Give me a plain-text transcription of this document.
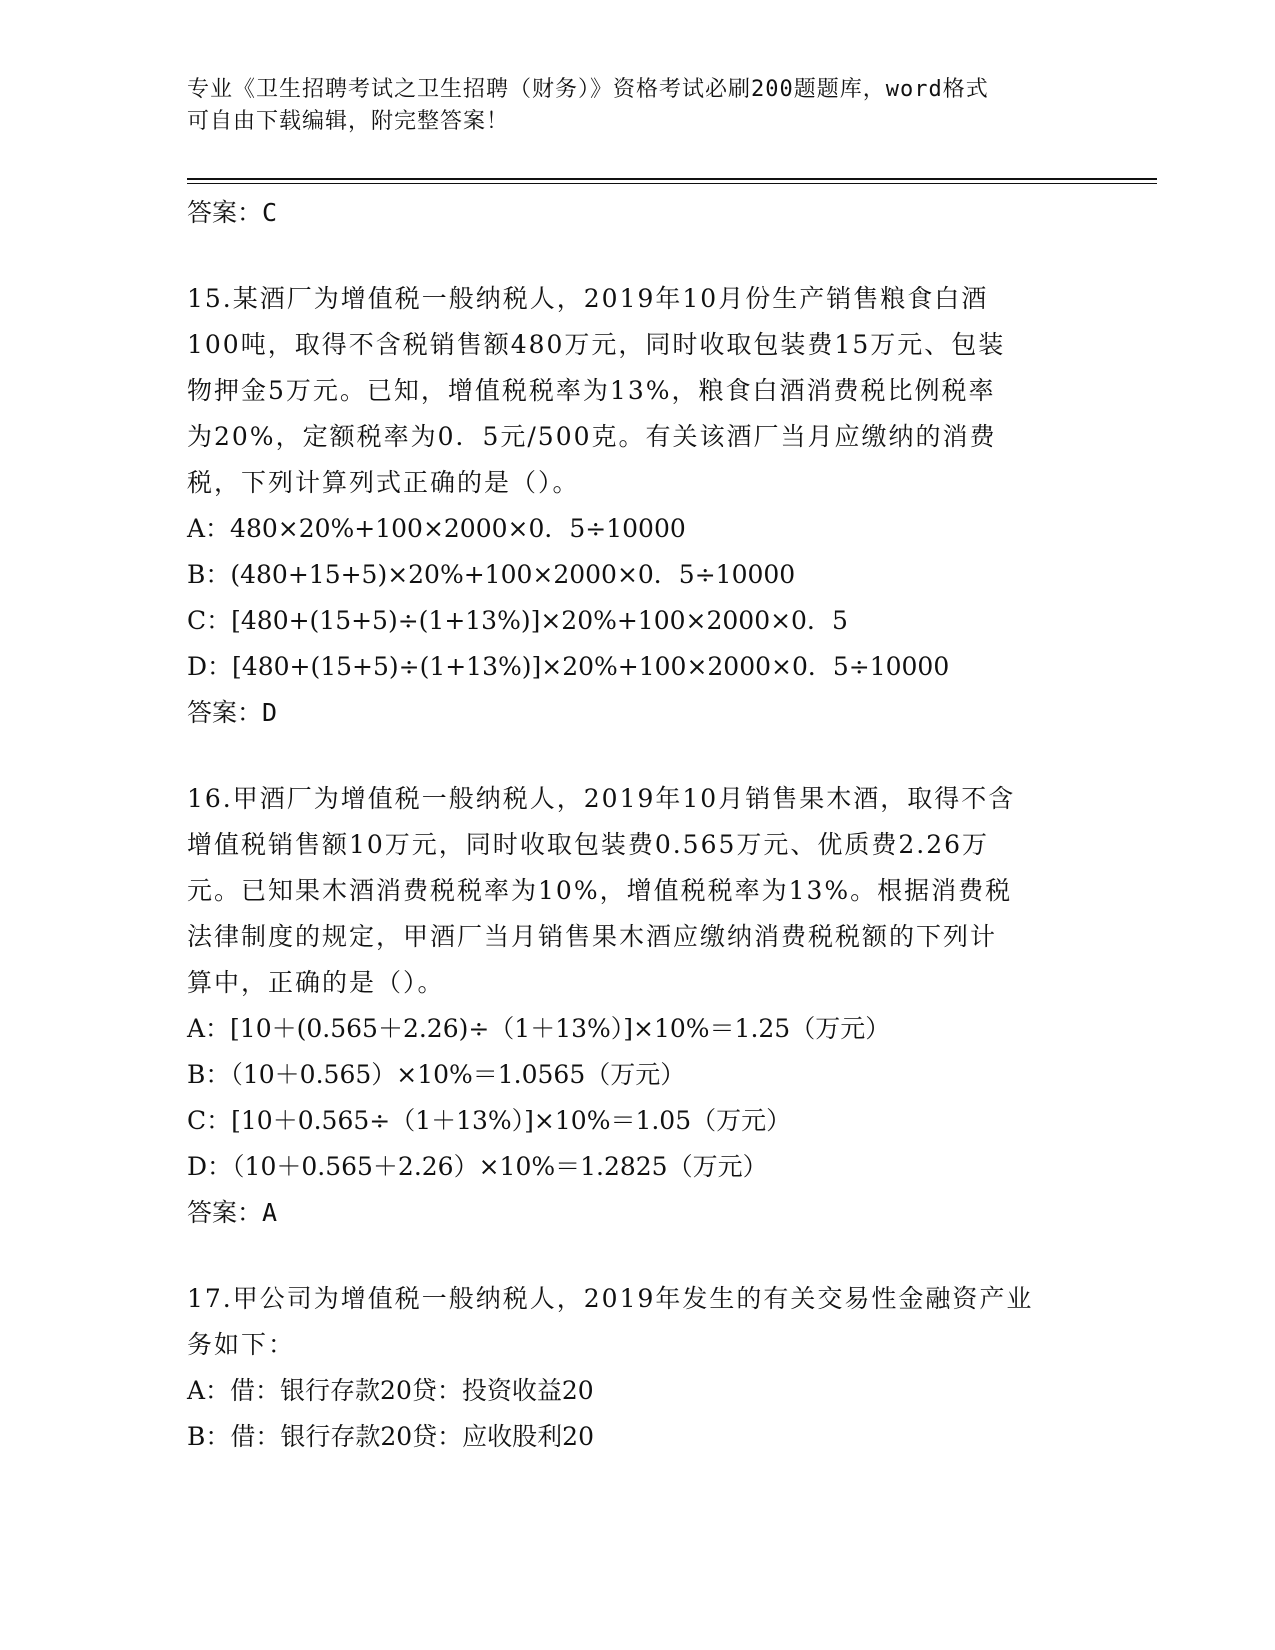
专业《卫生招聘考试之卫生招聘（财务）》资格考试必刷200题题库，word格式
可自由下载编辑，附完整答案！
答案：C
15.某酒厂为增值税一般纳税人，2019年10月份生产销售粮食白酒
100吨，取得不含税销售额480万元，同时收取包装费15万元、包装
物押金5万元。已知，增值税税率为13%，粮食白酒消费税比例税率
为20%，定额税率为0．5元/500克。有关该酒厂当月应缴纳的消费
税，下列计算列式正确的是（）。
A：480×20%+100×2000×0．5÷10000
B：(480+15+5)×20%+100×2000×0．5÷10000
C：[480+(15+5)÷(1+13%)]×20%+100×2000×0．5
D：[480+(15+5)÷(1+13%)]×20%+100×2000×0．5÷10000
答案：D
16.甲酒厂为增值税一般纳税人，2019年10月销售果木酒，取得不含
增值税销售额10万元，同时收取包装费0.565万元、优质费2.26万
元。已知果木酒消费税税率为10%，增值税税率为13%。根据消费税
法律制度的规定，甲酒厂当月销售果木酒应缴纳消费税税额的下列计
算中，正确的是（）。
A：[10＋(0.565＋2.26)÷（1＋13%）]×10%＝1.25（万元）
B：（10＋0.565）×10%＝1.0565（万元）
C：[10＋0.565÷（1＋13%）]×10%＝1.05（万元）
D：（10＋0.565＋2.26）×10%＝1.2825（万元）
答案：A
17.甲公司为增值税一般纳税人，2019年发生的有关交易性金融资产业
务如下：
A：借：银行存款20贷：投资收益20
B：借：银行存款20贷：应收股利20
